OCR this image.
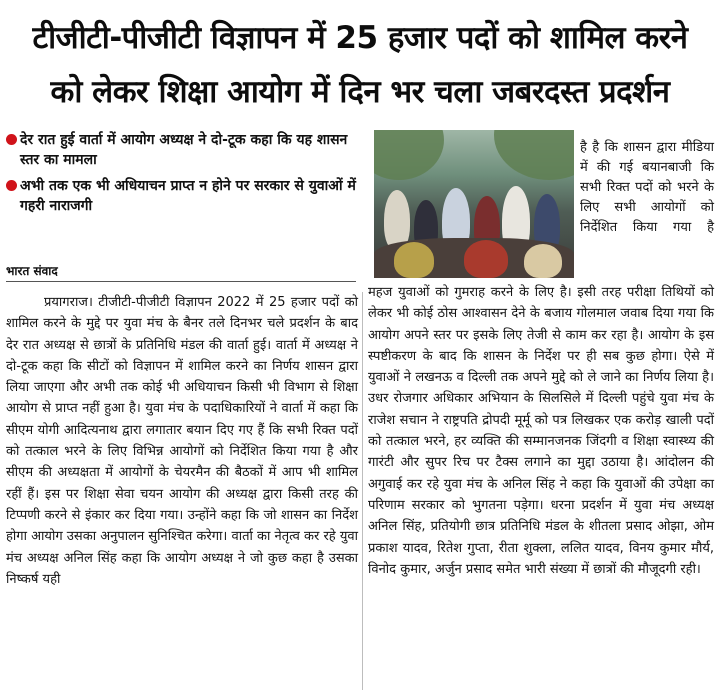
टीजीटी-पीजीटी विज्ञापन में 25 हजार पदों को शामिल करने
को लेकर शिक्षा आयोग में दिन भर चला जबरदस्त प्रदर्शन
देर रात हुई वार्ता में आयोग अध्यक्ष ने दो-टूक कहा कि यह शासन स्तर का मामला
अभी तक एक भी अधियाचन प्राप्त न होने पर सरकार से युवाओं में गहरी नाराजगी
भारत संवाद
है है कि शासन द्वारा मीडिया में की गई बयानबाजी कि सभी रिक्त पदों को भरने के लिए सभी आयोगों को निर्देशित किया गया है

प्रयागराज। टीजीटी-पीजीटी विज्ञापन 2022 में 25 हजार पदों को शामिल करने के मुद्दे पर युवा मंच के बैनर तले दिनभर चले प्रदर्शन के बाद देर रात अध्यक्ष से छात्रों के प्रतिनिधि मंडल की वार्ता हुई। वार्ता में अध्यक्ष ने दो-टूक कहा कि सीटों को विज्ञापन में शामिल करने का निर्णय शासन द्वारा लिया जाएगा और अभी तक कोई भी अधियाचन किसी भी विभाग से शिक्षा आयोग से प्राप्त नहीं हुआ है। युवा मंच के पदाधिकारियों ने वार्ता में कहा कि सीएम योगी आदित्यनाथ द्वारा लगातार बयान दिए गए हैं कि सभी रिक्त पदों को तत्काल भरने के लिए विभिन्न आयोगों को निर्देशित किया गया है और सीएम की अध्यक्षता में आयोगों के चेयरमैन की बैठकों में आप भी शामिल रहीं हैं। इस पर शिक्षा सेवा चयन आयोग की अध्यक्ष द्वारा किसी तरह की टिप्पणी करने से इंकार कर दिया गया। उन्होंने कहा कि जो शासन का निर्देश होगा आयोग उसका अनुपालन सुनिश्चित करेगा। वार्ता का नेतृत्व कर रहे युवा मंच अध्यक्ष अनिल सिंह कहा कि आयोग अध्यक्ष ने जो कुछ कहा है उसका निष्कर्ष यही

महज युवाओं को गुमराह करने के लिए है। इसी तरह परीक्षा तिथियों को लेकर भी कोई ठोस आश्वासन देने के बजाय गोलमाल जवाब दिया गया कि आयोग अपने स्तर पर इसके लिए तेजी से काम कर रहा है। आयोग के इस स्पष्टीकरण के बाद कि शासन के निर्देश पर ही सब कुछ होगा। ऐसे में युवाओं ने लखनऊ व दिल्ली तक अपने मुद्दे को ले जाने का निर्णय लिया है। उधर रोजगार अधिकार अभियान के सिलसिले में दिल्ली पहुंचे युवा मंच के राजेश सचान ने राष्ट्रपति द्रोपदी मूर्मू को पत्र लिखकर एक करोड़ खाली पदों को तत्काल भरने, हर व्यक्ति की सम्मानजनक जिंदगी व शिक्षा स्वास्थ्य की गारंटी और सुपर रिच पर टैक्स लगाने का मुद्दा उठाया है। आंदोलन की अगुवाई कर रहे युवा मंच के अनिल सिंह ने कहा कि युवाओं की उपेक्षा का परिणाम सरकार को भुगतना पड़ेगा। धरना प्रदर्शन में युवा मंच अध्यक्ष अनिल सिंह, प्रतियोगी छात्र प्रतिनिधि मंडल के शीतला प्रसाद ओझा, ओम प्रकाश यादव, रितेश गुप्ता, रीता शुक्ला, ललित यादव, विनय कुमार मौर्य, विनोद कुमार, अर्जुन प्रसाद समेत भारी संख्या में छात्रों की मौजूदगी रही।
